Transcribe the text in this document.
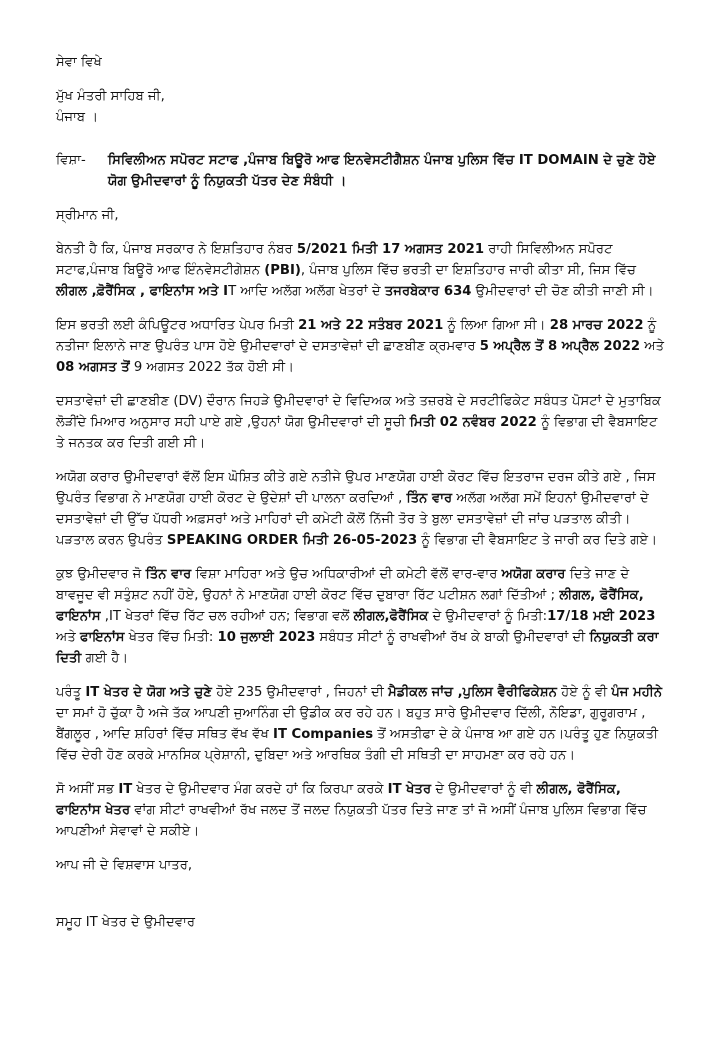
ਸੇਵਾ ਵਿਖੇ

ਮੁੱਖ ਮੰਤਰੀ ਸਾਹਿਬ ਜੀ,

ਪੰਜਾਬ ।

ਵਿਸ਼ਾ- ਸਿਵਿਲੀਅਨ ਸਪੋਰਟ ਸਟਾਫ ,ਪੰਜਾਬ ਬਿਊਰੋ ਆਫ ਇਨਵੇਸਟੀਗੈਸ਼ਨ ਪੰਜਾਬ ਪੁਲਿਸ ਵਿੱਚ IT DOMAIN ਦੇ ਚੁਣੇ ਹੋਏ ਯੋਗ ਉਮੀਦਵਾਰਾਂ ਨੂੰ ਨਿਯੁਕਤੀ ਪੱਤਰ ਦੇਣ ਸੰਬੰਧੀ ।

ਸ੍ਰੀਮਾਨ ਜੀ,

ਬੇਨਤੀ ਹੈ ਕਿ, ਪੰਜਾਬ ਸਰਕਾਰ ਨੇ ਇਸ਼ਤਿਹਾਰ ਨੰਬਰ 5/2021 ਮਿਤੀ 17 ਅਗਸਤ 2021 ਰਾਹੀ ਸਿਵਿਲੀਅਨ ਸਪੋਰਟ ਸਟਾਫ,ਪੰਜਾਬ ਬਿਊਰੋ ਆਫ ਇੰਨਵੇਸਟੀਗੇਸ਼ਨ (PBI), ਪੰਜਾਬ ਪੁਲਿਸ ਵਿੱਚ ਭਰਤੀ ਦਾ ਇਸ਼ਤਿਹਾਰ ਜਾਰੀ ਕੀਤਾ ਸੀ, ਜਿਸ ਵਿੱਚ ਲੀਗਲ ,ਫ਼ੋਰੈਂਸਿਕ , ਫਾਇਨਾਂਸ ਅਤੇ IT ਆਦਿ ਅਲੱਗ ਅਲੱਗ ਖੇਤਰਾਂ ਦੇ ਤਜਰਬੇਕਾਰ 634 ਉਮੀਦਵਾਰਾਂ ਦੀ ਚੋਣ ਕੀਤੀ ਜਾਣੀ ਸੀ।

ਇਸ ਭਰਤੀ ਲਈ ਕੰਪਿਊਟਰ ਅਧਾਰਿਤ ਪੇਪਰ ਮਿਤੀ 21 ਅਤੇ 22 ਸਤੰਬਰ 2021 ਨੂੰ ਲਿਆ ਗਿਆ ਸੀ। 28 ਮਾਰਚ 2022 ਨੂੰ ਨਤੀਜਾ ਇਲਾਨੇ ਜਾਣ ਉਪਰੰਤ ਪਾਸ ਹੋਏ ਉਮੀਦਵਾਰਾਂ ਦੇ ਦਸਤਾਵੇਜ਼ਾਂ ਦੀ ਛਾਣਬੀਣ ਕ੍ਰਮਵਾਰ 5 ਅਪ੍ਰੈਲ ਤੋਂ 8 ਅਪ੍ਰੈਲ 2022 ਅਤੇ 08 ਅਗਸਤ ਤੋਂ 9 ਅਗਸਤ 2022 ਤੱਕ ਹੋਈ ਸੀ।

ਦਸਤਾਵੇਜ਼ਾਂ ਦੀ ਛਾਣਬੀਣ (DV) ਦੌਰਾਨ ਜਿਹੜੇ ਉਮੀਦਵਾਰਾਂ ਦੇ ਵਿਦਿਅਕ ਅਤੇ ਤਜ਼ਰਬੇ ਦੇ ਸਰਟੀਫਿਕੇਟ ਸਬੰਧਤ ਪੋਸਟਾਂ ਦੇ ਮੁਤਾਬਿਕ ਲੋੜੀਂਦੇ ਮਿਆਰ ਅਨੁਸਾਰ ਸਹੀ ਪਾਏ ਗਏ ,ਉਹਨਾਂ ਯੋਗ ਉਮੀਦਵਾਰਾਂ ਦੀ ਸੂਚੀ ਮਿਤੀ 02 ਨਵੰਬਰ 2022 ਨੂੰ ਵਿਭਾਗ ਦੀ ਵੈਬਸਾਇਟ ਤੇ ਜਨਤਕ ਕਰ ਦਿਤੀ ਗਈ ਸੀ।

ਅਯੋਗ ਕਰਾਰ ਉਮੀਦਵਾਰਾਂ ਵੱਲੋਂ ਇਸ ਘੋਸ਼ਿਤ ਕੀਤੇ ਗਏ ਨਤੀਜੇ ਉਪਰ ਮਾਣਯੋਗ ਹਾਈ ਕੋਰਟ ਵਿੱਚ ਇਤਰਾਜ ਦਰਜ ਕੀਤੇ ਗਏ , ਜਿਸ ਉਪਰੰਤ ਵਿਭਾਗ ਨੇ ਮਾਣਯੋਗ ਹਾਈ ਕੋਰਟ ਦੇ ਉਦੇਸ਼ਾਂ ਦੀ ਪਾਲਨਾ ਕਰਦਿਆਂ , ਤਿੰਨ ਵਾਰ ਅਲੱਗ ਅਲੱਗ ਸਮੇਂ ਇਹਨਾਂ ਉਮੀਦਵਾਰਾਂ ਦੇ ਦਸਤਾਵੇਜ਼ਾਂ ਦੀ ਉੱਚ ਪੱਧਰੀ ਅਫ਼ਸਰਾਂ ਅਤੇ ਮਾਹਿਰਾਂ ਦੀ ਕਮੇਟੀ ਕੋਲੋਂ ਨਿੱਜੀ ਤੋਰ ਤੇ ਬੁਲਾ ਦਸਤਾਵੇਜ਼ਾਂ ਦੀ ਜਾਂਚ ਪੜਤਾਲ ਕੀਤੀ। ਪੜਤਾਲ ਕਰਨ ਉਪਰੰਤ SPEAKING ORDER ਮਿਤੀ 26-05-2023 ਨੂੰ ਵਿਭਾਗ ਦੀ ਵੈਬਸਾਇਟ ਤੇ ਜਾਰੀ ਕਰ ਦਿਤੇ ਗਏ।

ਕੁਝ ਉਮੀਦਵਾਰ ਜੋ ਤਿੰਨ ਵਾਰ ਵਿਸ਼ਾ ਮਾਹਿਰਾ ਅਤੇ ਉਚ ਅਧਿਕਾਰੀਆਂ ਦੀ ਕਮੇਟੀ ਵੱਲੋਂ ਵਾਰ-ਵਾਰ ਅਯੋਗ ਕਰਾਰ ਦਿਤੇ ਜਾਣ ਦੇ ਬਾਵਜੂਦ ਵੀ ਸਤੁੰਸ਼ਟ ਨਹੀਂ ਹੋਏ, ਉਹਨਾਂ ਨੇ ਮਾਣਯੋਗ ਹਾਈ ਕੋਰਟ ਵਿੱਚ ਦੁਬਾਰਾ ਰਿੱਟ ਪਟੀਸ਼ਨ ਲਗਾਂ ਦਿੱਤੀਆਂ ; ਲੀਗਲ, ਫੋਰੈਂਸਿਕ, ਫਾਇਨਾਂਸ ,IT ਖੇਤਰਾਂ ਵਿੱਚ ਰਿੱਟ ਚਲ ਰਹੀਆਂ ਹਨ; ਵਿਭਾਗ ਵਲੋਂ ਲੀਗਲ,ਫੋਰੈਂਸਿਕ ਦੇ ਉਮੀਦਵਾਰਾਂ ਨੂੰ ਮਿਤੀ:17/18 ਮਈ 2023 ਅਤੇ ਫਾਇਨਾਂਸ ਖੇਤਰ ਵਿੱਚ ਮਿਤੀ: 10 ਜੁਲਾਈ 2023 ਸਬੰਧਤ ਸੀਟਾਂ ਨੂੰ ਰਾਖਵੀਆਂ ਰੱਖ ਕੇ ਬਾਕੀ ਉਮੀਦਵਾਰਾਂ ਦੀ ਨਿਯੁਕਤੀ ਕਰਾ ਦਿਤੀ ਗਈ ਹੈ।

ਪਰੰਤੂ IT ਖੇਤਰ ਦੇ ਯੋਗ ਅਤੇ ਚੁਣੇ ਹੋਏ 235 ਉਮੀਦਵਾਰਾਂ , ਜਿਹਨਾਂ ਦੀ ਮੈਡੀਕਲ ਜਾਂਚ ,ਪੁਲਿਸ ਵੈਰੀਫਿਕੇਸ਼ਨ ਹੋਏ ਨੂੰ ਵੀ ਪੰਜ ਮਹੀਨੇ ਦਾ ਸਮਾਂ ਹੋ ਚੁੱਕਾ ਹੈ ਅਜੇ ਤੱਕ ਆਪਣੀ ਜੁਆਨਿੰਗ ਦੀ ਉਡੀਕ ਕਰ ਰਹੇ ਹਨ। ਬਹੁਤ ਸਾਰੇ ਉਮੀਦਵਾਰ ਦਿੱਲੀ, ਨੋਇਡਾ, ਗੁਰੂਗਰਾਮ , ਬੈਂਗਲੂਰ , ਆਦਿ ਸ਼ਹਿਰਾਂ ਵਿੱਚ ਸਥਿਤ ਵੱਖ ਵੱਖ IT Companies ਤੋਂ ਅਸਤੀਫਾ ਦੇ ਕੇ ਪੰਜਾਬ ਆ ਗਏ ਹਨ।ਪਰੰਤੂ ਹੁਣ ਨਿਯੁਕਤੀ ਵਿੱਚ ਦੇਰੀ ਹੋਣ ਕਰਕੇ ਮਾਨਸਿਕ ਪ੍ਰੇਸ਼ਾਨੀ, ਦੁਬਿਦਾ ਅਤੇ ਆਰਥਿਕ ਤੰਗੀ ਦੀ ਸਥਿਤੀ ਦਾ ਸਾਹਮਣਾ ਕਰ ਰਹੇ ਹਨ।

ਸੋ ਅਸੀਂ ਸਭ IT ਖੇਤਰ ਦੇ ਉਮੀਦਵਾਰ ਮੰਗ ਕਰਦੇ ਹਾਂ ਕਿ ਕਿਰਪਾ ਕਰਕੇ IT ਖੇਤਰ ਦੇ ਉਮੀਦਵਾਰਾਂ ਨੂੰ ਵੀ ਲੀਗਲ, ਫੋਰੈਂਸਿਕ, ਫਾਇਨਾਂਸ ਖੇਤਰ ਵਾਂਗ ਸੀਟਾਂ ਰਾਖਵੀਆਂ ਰੱਖ ਜਲਦ ਤੋਂ ਜਲਦ ਨਿਯੁਕਤੀ ਪੱਤਰ ਦਿਤੇ ਜਾਣ ਤਾਂ ਜੋ ਅਸੀਂ ਪੰਜਾਬ ਪੁਲਿਸ ਵਿਭਾਗ ਵਿੱਚ ਆਪਣੀਆਂ ਸੇਵਾਵਾਂ ਦੇ ਸਕੀਏ।

ਆਪ ਜੀ ਦੇ ਵਿਸ਼ਵਾਸ ਪਾਤਰ,

ਸਮੂਹ IT ਖੇਤਰ ਦੇ ਉਮੀਦਵਾਰ
